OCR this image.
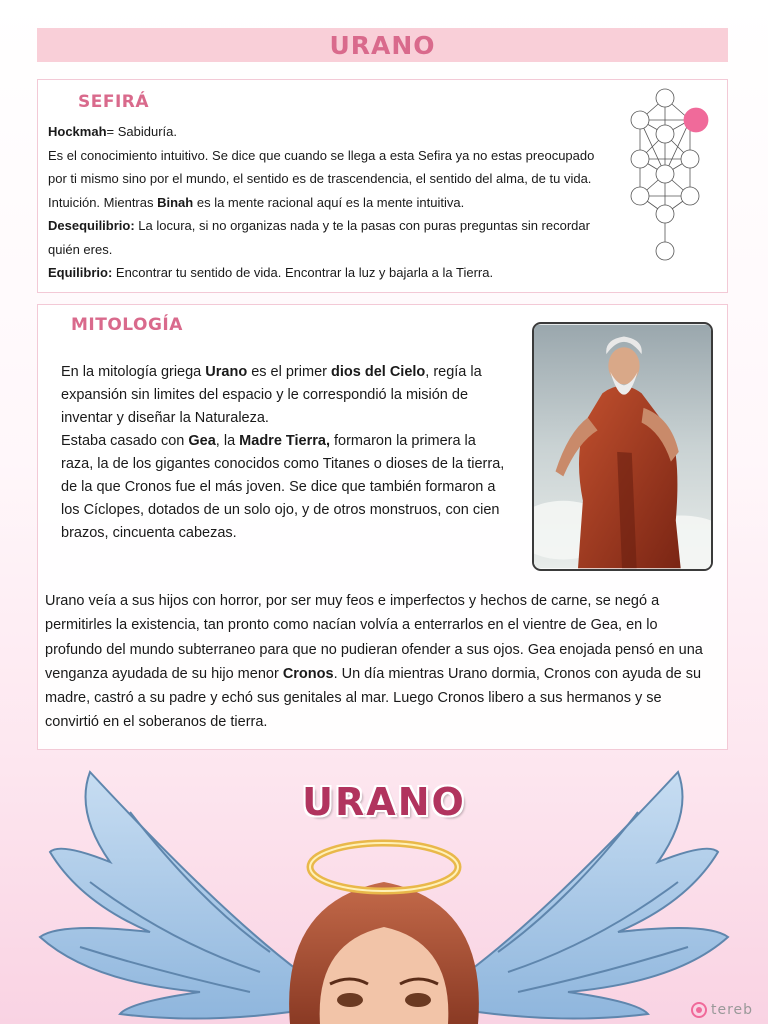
URANO
SEFIRÁ

Hockmah= Sabiduría.

Es el conocimiento intuitivo. Se dice que cuando se llega a esta Sefira ya no estas preocupado por ti mismo sino por el mundo, el sentido es de trascendencia, el sentido del alma, de tu vida. Intuición. Mientras Binah es la mente racional aquí es la mente intuitiva.

Desequilibrio: La locura, si no organizas nada y te la pasas con puras preguntas sin recordar quién eres.

Equilibrio: Encontrar tu sentido de vida. Encontrar la luz y bajarla a la Tierra.

MITOLOGÍA

En la mitología griega Urano es el primer dios del Cielo, regía la expansión sin limites del espacio y le correspondió la misión de inventar y diseñar la Naturaleza.

Estaba casado con Gea, la Madre Tierra, formaron la primera la raza, la de los gigantes conocidos como Titanes o dioses de la tierra, de la que Cronos fue el más joven. Se dice que también formaron a los Cíclopes, dotados de un solo ojo, y de otros monstruos, con cien brazos, cincuenta cabezas.

Urano veía a sus hijos con horror, por ser muy feos e imperfectos y hechos de carne, se negó a permitirles la existencia, tan pronto como nacían volvía a enterrarlos en el vientre de Gea, en lo profundo del mundo subterraneo para que no pudieran ofender a sus ojos. Gea enojada pensó en una venganza ayudada de su hijo menor Cronos. Un día mientras Urano dormia, Cronos con ayuda de su madre, castró a su padre y echó sus genitales al mar. Luego Cronos libero a sus hermanos y se convirtió en el soberanos de tierra.

URANO
tereb
